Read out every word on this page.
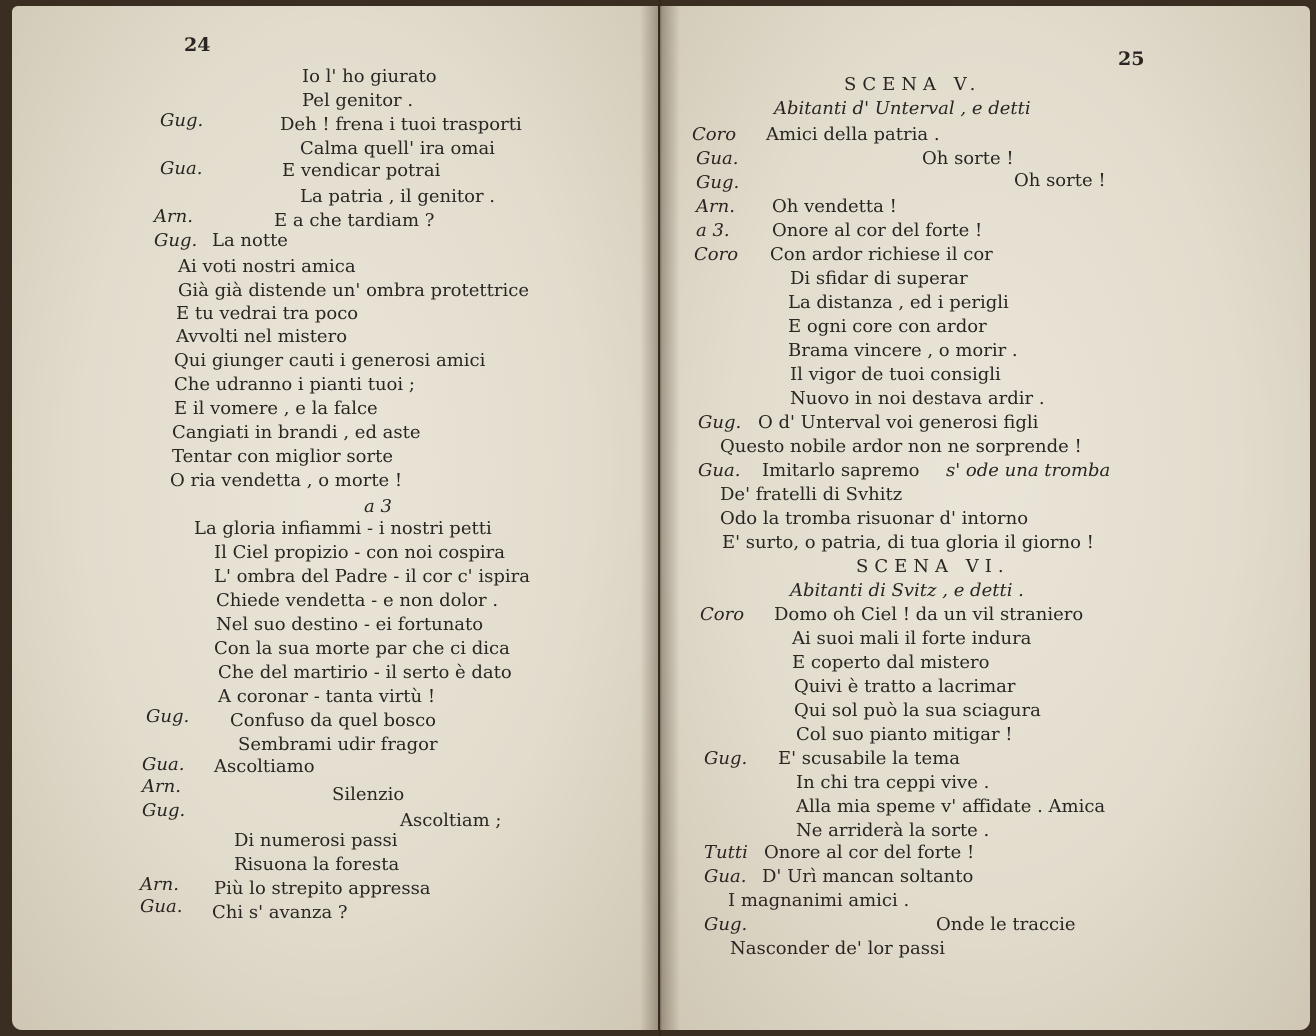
24
Io l' ho giurato
Pel genitor .
Gug.	Deh ! frena i tuoi trasporti
Calma quell' ira omai
Gua.	E vendicar potrai
La patria , il genitor .
Arn.	E a che tardiam ?
Gug. La notte
Ai voti nostri amica
Già già distende un' ombra protettrice
E tu vedrai tra poco
Avvolti nel mistero
Qui giunger cauti i generosi amici
Che udranno i pianti tuoi ;
E il vomere , e la falce
Cangiati in brandi , ed aste
Tentar con miglior sorte
O ria vendetta , o morte !
a 3
La gloria infiammi - i nostri petti
Il Ciel propizio - con noi cospira
L' ombra del Padre - il cor c' ispira
Chiede vendetta - e non dolor .
Nel suo destino - ei fortunato
Con la sua morte par che ci dica
Che del martirio - il serto è dato
A coronar - tanta virtù !
Gug. Confuso da quel bosco
Sembrami udir fragor
Gua. Ascoltiamo
Arn.	Silenzio
Gug.	Ascoltiam ;
Di numerosi passi
Risuona la foresta
Arn. Più lo strepito appressa
Gua. Chi s' avanza ?
25
SCENA V.
Abitanti d' Unterval , e detti
Coro Amici della patria .
Gua.	Oh sorte !
Gug.	Oh sorte !
Arn. Oh vendetta !
a 3. Onore al cor del forte !
Coro Con ardor richiese il cor
Di sfidar di superar
La distanza , ed i perigli
E ogni core con ardor
Brama vincere , o morir .
Il vigor de tuoi consigli
Nuovo in noi destava ardir .
Gug. O d' Unterval voi generosi figli
Questo nobile ardor non ne sorprende !
Gua. Imitarlo sapremo s' ode una tromba
De' fratelli di Svhitz
Odo la tromba risuonar d' intorno
E' surto, o patria, di tua gloria il giorno !
SCENA VI.
Abitanti di Svitz , e detti .
Coro Domo oh Ciel ! da un vil straniero
Ai suoi mali il forte indura
E coperto dal mistero
Quivi è tratto a lacrimar
Qui sol può la sua sciagura
Col suo pianto mitigar !
Gug. E' scusabile la tema
In chi tra ceppi vive .
Alla mia speme v' affidate . Amica
Ne arriderà la sorte .
Tutti Onore al cor del forte !
Gua. D' Urì mancan soltanto
I magnanimi amici .
Gug.	Onde le traccie
Nasconder de' lor passi
